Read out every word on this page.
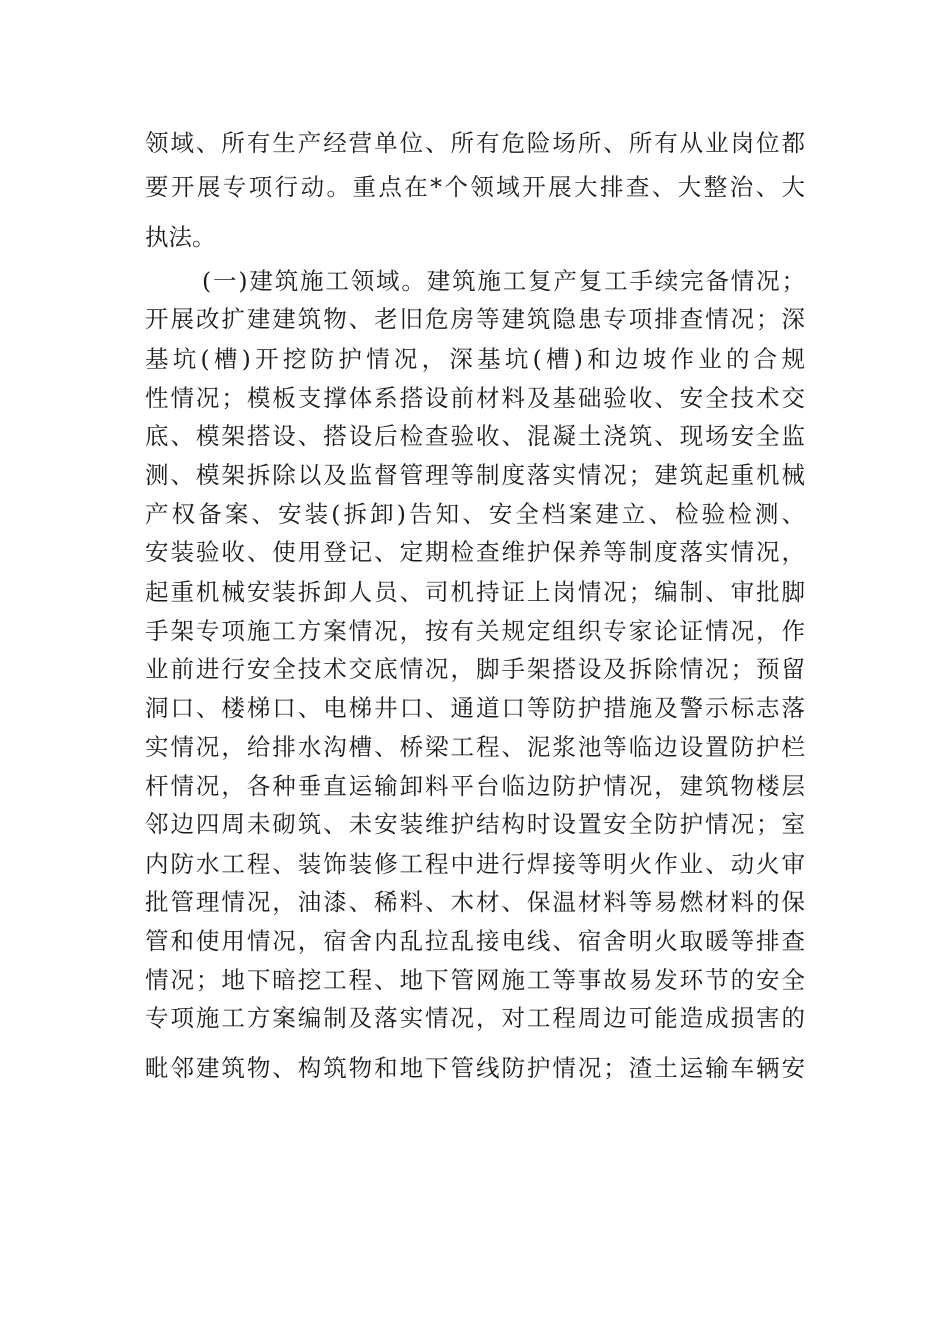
领域、所有生产经营单位、所有危险场所、所有从业岗位都
要开展专项行动。重点在*个领域开展大排查、大整治、大
执法。
(一)建筑施工领域。建筑施工复产复工手续完备情况；
开展改扩建建筑物、老旧危房等建筑隐患专项排查情况；深
基坑(槽)开挖防护情况，深基坑(槽)和边坡作业的合规
性情况；模板支撑体系搭设前材料及基础验收、安全技术交
底、模架搭设、搭设后检查验收、混凝土浇筑、现场安全监
测、模架拆除以及监督管理等制度落实情况；建筑起重机械
产权备案、安装(拆卸)告知、安全档案建立、检验检测、
安装验收、使用登记、定期检查维护保养等制度落实情况，
起重机械安装拆卸人员、司机持证上岗情况；编制、审批脚
手架专项施工方案情况，按有关规定组织专家论证情况，作
业前进行安全技术交底情况，脚手架搭设及拆除情况；预留
洞口、楼梯口、电梯井口、通道口等防护措施及警示标志落
实情况，给排水沟槽、桥梁工程、泥浆池等临边设置防护栏
杆情况，各种垂直运输卸料平台临边防护情况，建筑物楼层
邻边四周未砌筑、未安装维护结构时设置安全防护情况；室
内防水工程、装饰装修工程中进行焊接等明火作业、动火审
批管理情况，油漆、稀料、木材、保温材料等易燃材料的保
管和使用情况，宿舍内乱拉乱接电线、宿舍明火取暖等排查
情况；地下暗挖工程、地下管网施工等事故易发环节的安全
专项施工方案编制及落实情况，对工程周边可能造成损害的
毗邻建筑物、构筑物和地下管线防护情况；渣土运输车辆安
